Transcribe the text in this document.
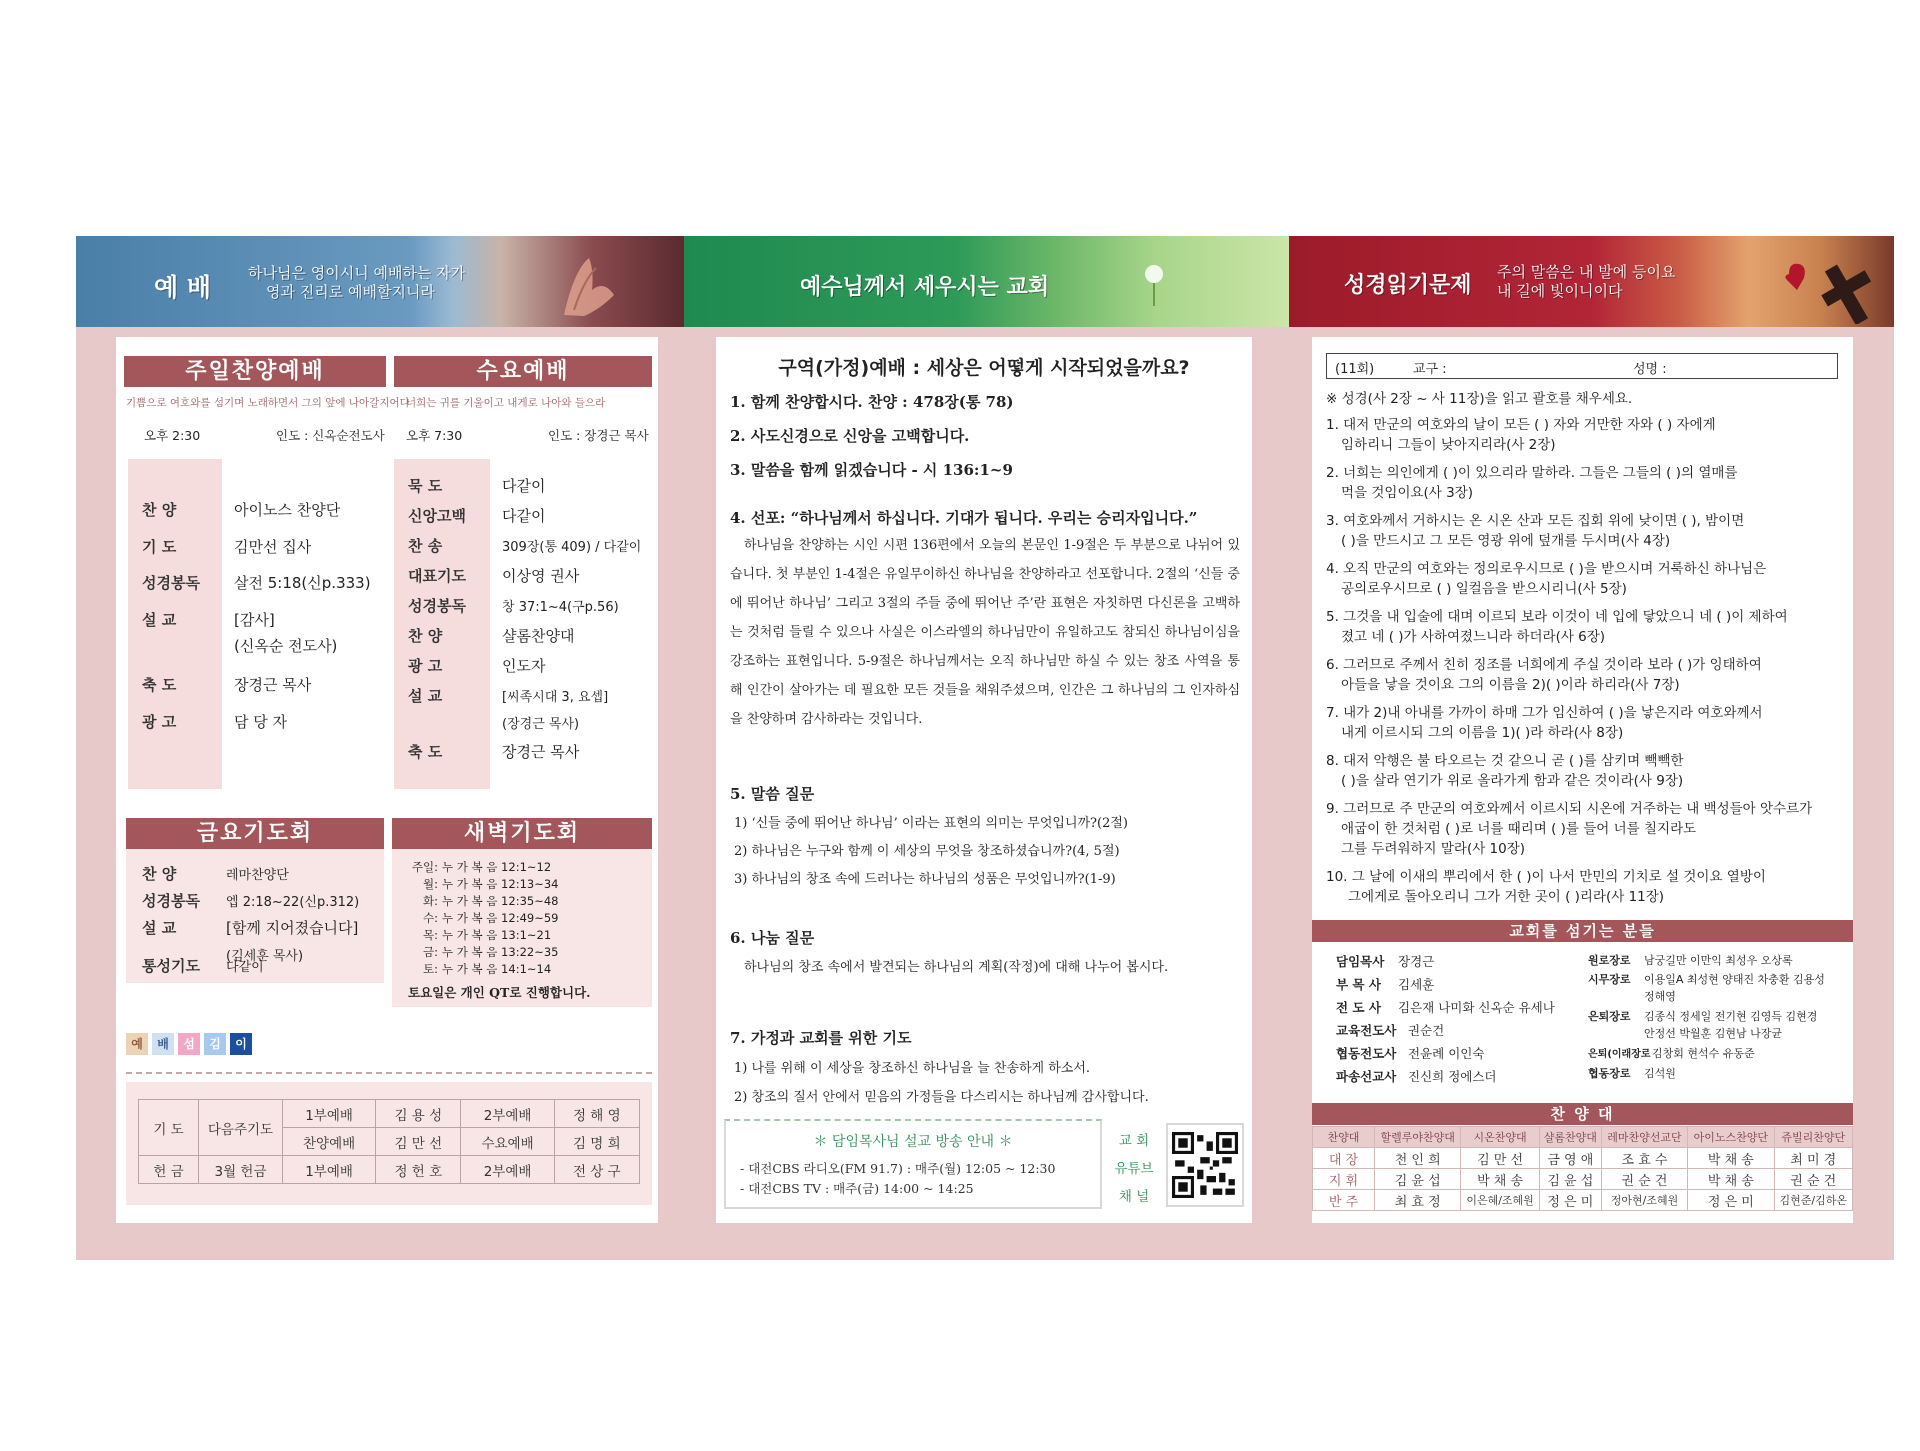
예 배 하나님은 영이시니 예배하는 자가
영과 진리로 예배할지니라	예수님께서 세우시는 교회	성경읽기문제
주의 말씀은 내 발에 등이요
내 길에 빛이니이다
주일찬양예배	수요예배
기쁨으로 여호와를 섬기며 노래하면서 그의 앞에 나아갈지어다
너희는 귀를 기울이고 내게로 나아와 들으라
오후 2:30	인도 : 신옥순전도사 오후 7:30	인도 : 장경근 목사
찬 양	아이노스 찬양단
기 도	김만선 집사
성경봉독 살전 5:18(신p.333)
설 교	[감사]
(신옥순 전도사)
축 도	장경근 목사
광 고	담 당 자
묵 도	다같이
신앙고백 다같이
찬 송	309장(통 409) / 다같이
대표기도 이상영 권사
성경봉독	창 37:1~4(구p.56)
찬 양	샬롬찬양대
광 고	인도자
설 교	[씨족시대 3, 요셉]
(장경근 목사)
축 도	장경근 목사
금요기도회
찬 양	레마찬양단
성경봉독 엡 2:18~22(신p.312)
설 교	[함께 지어졌습니다]
(김세훈 목사)
통성기도 다같이
새벽기도회
주일: 누 가 복 음 12:1~12
월: 누 가 복 음 12:13~34
화: 누 가 복 음 12:35~48
수: 누 가 복 음 12:49~59
목: 누 가 복 음 13:1~21
금: 누 가 복 음 13:22~35
토: 누 가 복 음 14:1~14
토요일은 개인 QT로 진행합니다.
예	배	섬	김	이
기 도	다음주기도	1부예배	김 용 성	2부예배	정 해 영
		찬양예배	김 만 선	수요예배	김 명 희
헌 금	3월 헌금	1부예배	정 헌 호	2부예배	전 상 구
구역(가정)예배 : 세상은 어떻게 시작되었을까요?
1. 함께 찬양합시다. 찬양 : 478장(통 78)
2. 사도신경으로 신앙을 고백합니다.
3. 말씀을 함께 읽겠습니다 - 시 136:1~9
4. 선포: “하나님께서 하십니다. 기대가 됩니다. 우리는 승리자입니다.”
하나님을 찬양하는 시인 시편 136편에서 오늘의 본문인 1-9절은 두 부분으로 나뉘어 있습니다. 첫 부분인 1-4절은 유일무이하신 하나님을 찬양하라고 선포합니다. 2절의 ‘신들 중에 뛰어난 하나님’ 그리고 3절의 주들 중에 뛰어난 주’란 표현은 자칫하면 다신론을 고백하는 것처럼 들릴 수 있으나 사실은 이스라엘의 하나님만이 유일하고도 참되신 하나님이심을 강조하는 표현입니다. 5-9절은 하나님께서는 오직 하나님만 하실 수 있는 창조 사역을 통해 인간이 살아가는 데 필요한 모든 것들을 채워주셨으며, 인간은 그 하나님의 그 인자하심을 찬양하며 감사하라는 것입니다.
5. 말씀 질문
1) ‘신들 중에 뛰어난 하나님’ 이라는 표현의 의미는 무엇입니까?(2절)
2) 하나님은 누구와 함께 이 세상의 무엇을 창조하셨습니까?(4, 5절)
3) 하나님의 창조 속에 드러나는 하나님의 성품은 무엇입니까?(1-9)
6. 나눔 질문
하나님의 창조 속에서 발견되는 하나님의 계획(작정)에 대해 나누어 봅시다.
7. 가정과 교회를 위한 기도
1) 나를 위해 이 세상을 창조하신 하나님을 늘 찬송하게 하소서.
2) 창조의 질서 안에서 믿음의 가정들을 다스리시는 하나님께 감사합니다.
＊ 담임목사님 설교 방송 안내 ＊
- 대전CBS 라디오(FM 91.7) : 매주(월) 12:05 ~ 12:30
- 대전CBS TV : 매주(금) 14:00 ~ 14:25
교 회
유튜브
채 널
(11회)	교구 :	성명 :
※ 성경(사 2장 ~ 사 11장)을 읽고 괄호를 채우세요.
1. 대저 만군의 여호와의 날이 모든 ( ) 자와 거만한 자와 ( ) 자에게
임하리니 그들이 낮아지리라(사 2장)
2. 너희는 의인에게 ( )이 있으리라 말하라. 그들은 그들의 ( )의 열매를
먹을 것임이요(사 3장)
3. 여호와께서 거하시는 온 시온 산과 모든 집회 위에 낮이면 ( ), 밤이면
( )을 만드시고 그 모든 영광 위에 덮개를 두시며(사 4장)
4. 오직 만군의 여호와는 정의로우시므로 ( )을 받으시며 거룩하신 하나님은
공의로우시므로 ( ) 일컬음을 받으시리니(사 5장)
5. 그것을 내 입술에 대며 이르되 보라 이것이 네 입에 닿았으니 네 ( )이 제하여
졌고 네 ( )가 사하여졌느니라 하더라(사 6장)
6. 그러므로 주께서 친히 징조를 너희에게 주실 것이라 보라 ( )가 잉태하여
아들을 낳을 것이요 그의 이름을 2)( )이라 하리라(사 7장)
7. 내가 2)내 아내를 가까이 하매 그가 임신하여 ( )을 낳은지라 여호와께서
내게 이르시되 그의 이름을 1)( )라 하라(사 8장)
8. 대저 악행은 불 타오르는 것 같으니 곧 ( )를 삼키며 빽빽한
( )을 살라 연기가 위로 올라가게 함과 같은 것이라(사 9장)
9. 그러므로 주 만군의 여호와께서 이르시되 시온에 거주하는 내 백성들아 앗수르가
애굽이 한 것처럼 ( )로 너를 때리며 ( )를 들어 너를 칠지라도
그를 두려워하지 말라(사 10장)
10. 그 날에 이새의 뿌리에서 한 ( )이 나서 만민의 기치로 설 것이요 열방이
그에게로 돌아오리니 그가 거한 곳이 ( )리라(사 11장)
교회를 섬기는 분들
담임목사 장경근
부 목 사 김세훈
전 도 사 김은재 나미화 신옥순 유세나
교육전도사 권순건
협동전도사 전윤례 이인숙
파송선교사 진신희 정에스더
원로장로 남궁길만 이만익 최성우 오상록
시무장로 이용일A 최성현 양태진 차충환 김용성
정해영
은퇴장로 김종식 정세일 전기현 김영득 김현경
안정선 박월훈 김현남 나장균
은퇴(이래장로김창회 현석수 유동준
협동장로 김석원
찬 양 대
찬양대	할렐루야찬양대	시온찬양대	샬롬찬양대	레마찬양선교단	아이노스찬양단	쥬빌리찬양단
대 장	천 인 희	김 만 선	금 영 애	조 효 수	박 채 송	최 미 경
지 휘	김 윤 섭	박 채 송	김 윤 섭	권 순 건	박 채 송	권 순 건
반 주	최 효 정	이은혜/조혜원	정 은 미	정아현/조혜원	정 은 미	김현준/김하온
